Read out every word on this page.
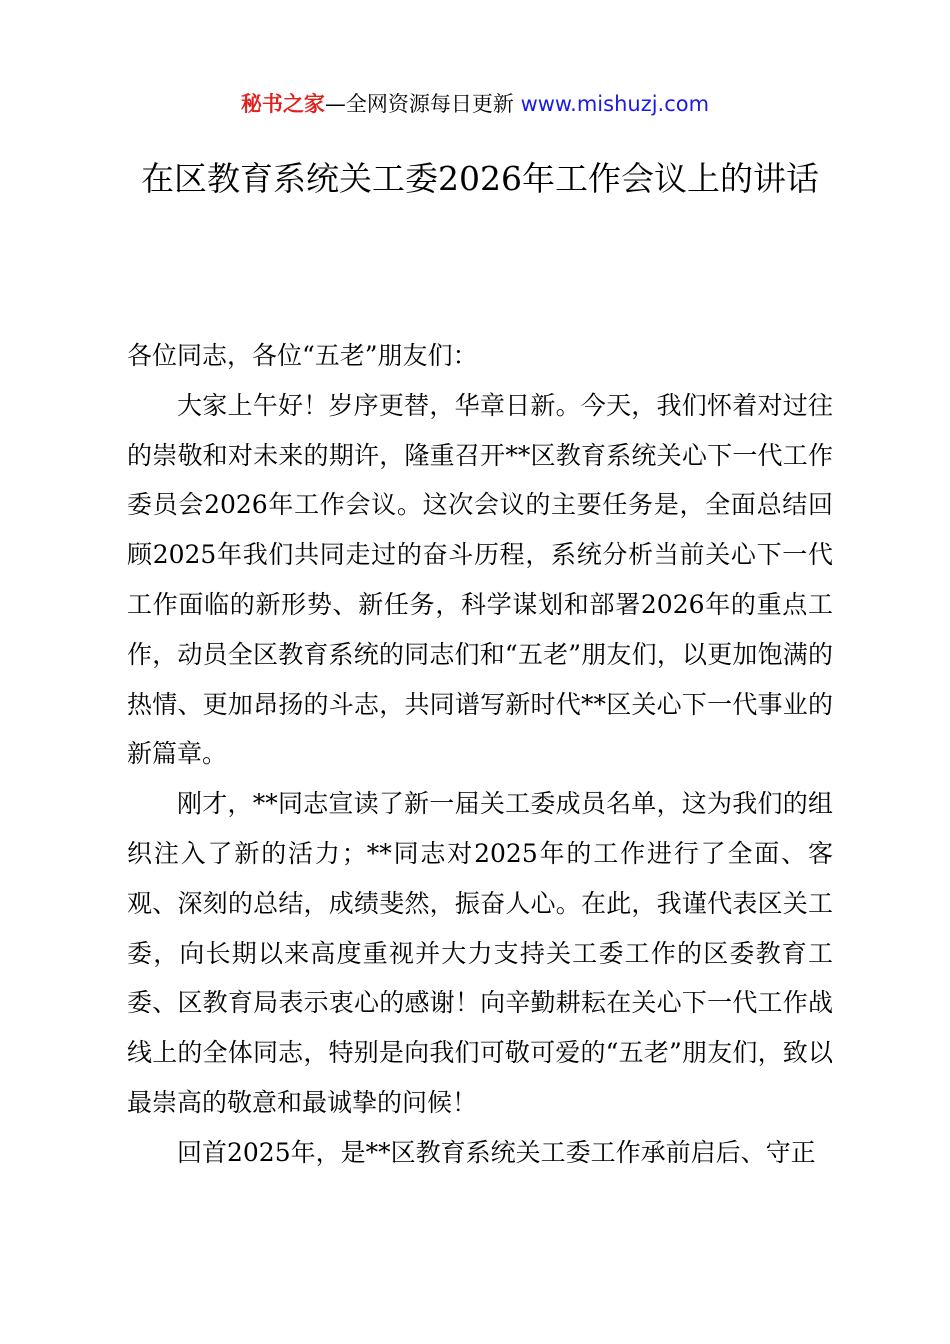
秘书之家—全网资源每日更新 www.mishuzj.com
在区教育系统关工委2026年工作会议上的讲话

各位同志，各位“五老”朋友们：

大家上午好！岁序更替，华章日新。今天，我们怀着对过往的崇敬和对未来的期许，隆重召开**区教育系统关心下一代工作委员会2026年工作会议。这次会议的主要任务是，全面总结回顾2025年我们共同走过的奋斗历程，系统分析当前关心下一代工作面临的新形势、新任务，科学谋划和部署2026年的重点工作，动员全区教育系统的同志们和“五老”朋友们，以更加饱满的热情、更加昂扬的斗志，共同谱写新时代**区关心下一代事业的新篇章。

刚才，**同志宣读了新一届关工委成员名单，这为我们的组织注入了新的活力；**同志对2025年的工作进行了全面、客观、深刻的总结，成绩斐然，振奋人心。在此，我谨代表区关工委，向长期以来高度重视并大力支持关工委工作的区委教育工委、区教育局表示衷心的感谢！向辛勤耕耘在关心下一代工作战线上的全体同志，特别是向我们可敬可爱的“五老”朋友们，致以最崇高的敬意和最诚挚的问候！

回首2025年，是**区教育系统关工委工作承前启后、守正
